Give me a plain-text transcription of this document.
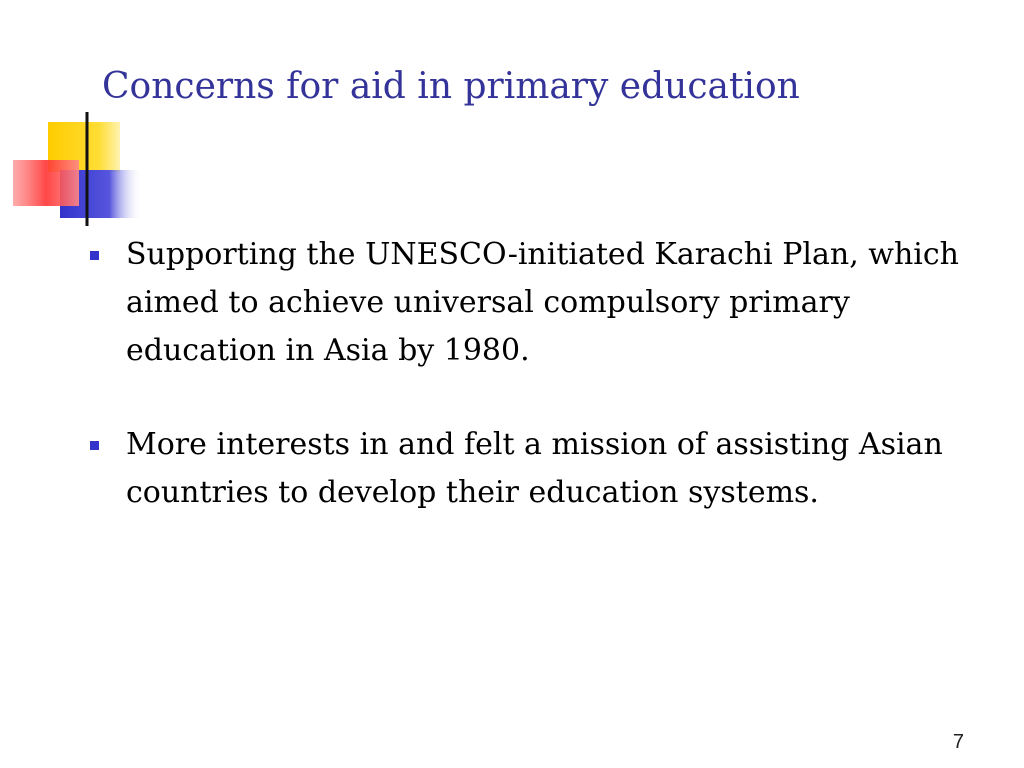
Concerns for aid in primary education
Supporting the UNESCO-initiated Karachi Plan, which aimed to achieve universal compulsory primary education in Asia by 1980.
More interests in and felt a mission of assisting Asian countries to develop their education systems.
7
